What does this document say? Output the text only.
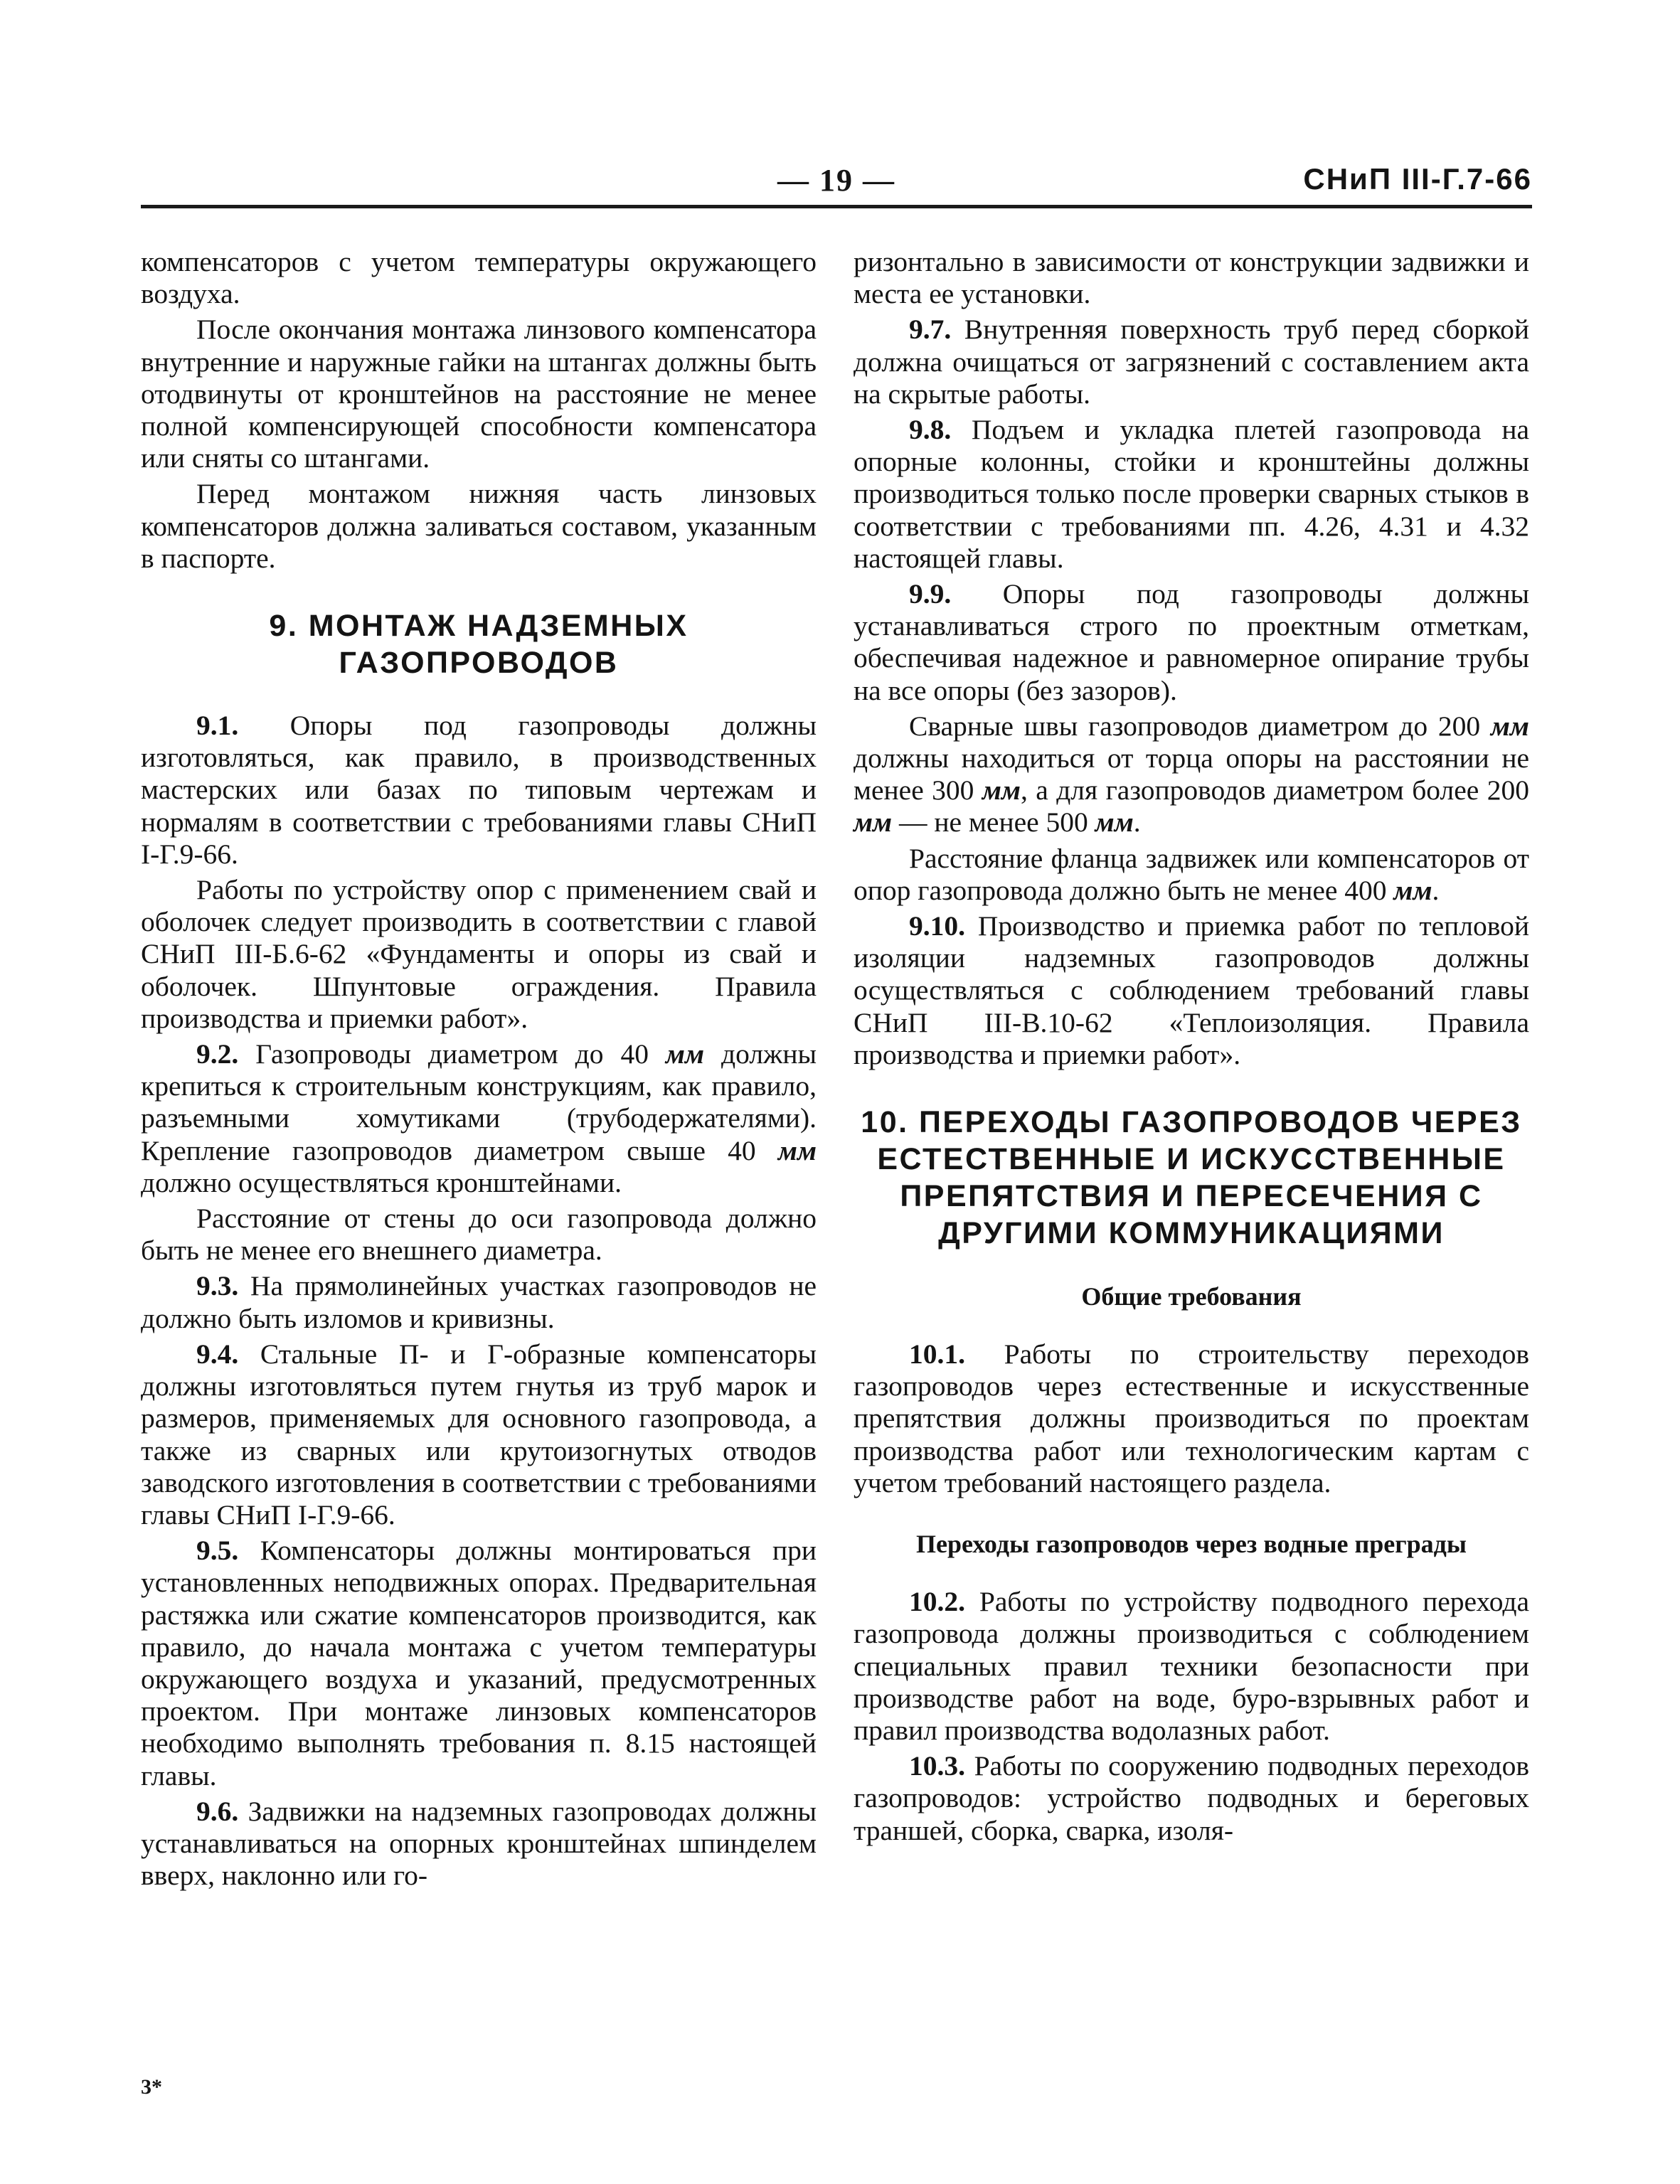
— 19 —	СНиП III-Г.7-66

компенсаторов с учетом температуры окружающего воздуха.

После окончания монтажа линзового компенсатора внутренние и наружные гайки на штангах должны быть отодвинуты от кронштейнов на расстояние не менее полной компенсирующей способности компенсатора или сняты со штангами.

Перед монтажом нижняя часть линзовых компенсаторов должна заливаться составом, указанным в паспорте.

9. МОНТАЖ НАДЗЕМНЫХ ГАЗОПРОВОДОВ

9.1. Опоры под газопроводы должны изготовляться, как правило, в производственных мастерских или базах по типовым чертежам и нормалям в соответствии с требованиями главы СНиП I-Г.9-66.

Работы по устройству опор с применением свай и оболочек следует производить в соответствии с главой СНиП III-Б.6-62 «Фундаменты и опоры из свай и оболочек. Шпунтовые ограждения. Правила производства и приемки работ».

9.2. Газопроводы диаметром до 40 мм должны крепиться к строительным конструкциям, как правило, разъемными хомутиками (трубодержателями). Крепление газопроводов диаметром свыше 40 мм должно осуществляться кронштейнами.

Расстояние от стены до оси газопровода должно быть не менее его внешнего диаметра.

9.3. На прямолинейных участках газопроводов не должно быть изломов и кривизны.

9.4. Стальные П- и Г-образные компенсаторы должны изготовляться путем гнутья из труб марок и размеров, применяемых для основного газопровода, а также из сварных или крутоизогнутых отводов заводского изготовления в соответствии с требованиями главы СНиП I-Г.9-66.

9.5. Компенсаторы должны монтироваться при установленных неподвижных опорах. Предварительная растяжка или сжатие компенсаторов производится, как правило, до начала монтажа с учетом температуры окружающего воздуха и указаний, предусмотренных проектом. При монтаже линзовых компенсаторов необходимо выполнять требования п. 8.15 настоящей главы.

9.6. Задвижки на надземных газопроводах должны устанавливаться на опорных кронштейнах шпинделем вверх, наклонно или го-

3*

ризонтально в зависимости от конструкции задвижки и места ее установки.

9.7. Внутренняя поверхность труб перед сборкой должна очищаться от загрязнений с составлением акта на скрытые работы.

9.8. Подъем и укладка плетей газопровода на опорные колонны, стойки и кронштейны должны производиться только после проверки сварных стыков в соответствии с требованиями пп. 4.26, 4.31 и 4.32 настоящей главы.

9.9. Опоры под газопроводы должны устанавливаться строго по проектным отметкам, обеспечивая надежное и равномерное опирание трубы на все опоры (без зазоров).

Сварные швы газопроводов диаметром до 200 мм должны находиться от торца опоры на расстоянии не менее 300 мм, а для газопроводов диаметром более 200 мм — не менее 500 мм.

Расстояние фланца задвижек или компенсаторов от опор газопровода должно быть не менее 400 мм.

9.10. Производство и приемка работ по тепловой изоляции надземных газопроводов должны осуществляться с соблюдением требований главы СНиП III-В.10-62 «Теплоизоляция. Правила производства и приемки работ».

10. ПЕРЕХОДЫ ГАЗОПРОВОДОВ ЧЕРЕЗ ЕСТЕСТВЕННЫЕ И ИСКУССТВЕННЫЕ ПРЕПЯТСТВИЯ И ПЕРЕСЕЧЕНИЯ С ДРУГИМИ КОММУНИКАЦИЯМИ
Общие требования

10.1. Работы по строительству переходов газопроводов через естественные и искусственные препятствия должны производиться по проектам производства работ или технологическим картам с учетом требований настоящего раздела.

Переходы газопроводов через водные преграды

10.2. Работы по устройству подводного перехода газопровода должны производиться с соблюдением специальных правил техники безопасности при производстве работ на воде, буро-взрывных работ и правил производства водолазных работ.

10.3. Работы по сооружению подводных переходов газопроводов: устройство подводных и береговых траншей, сборка, сварка, изоля-
